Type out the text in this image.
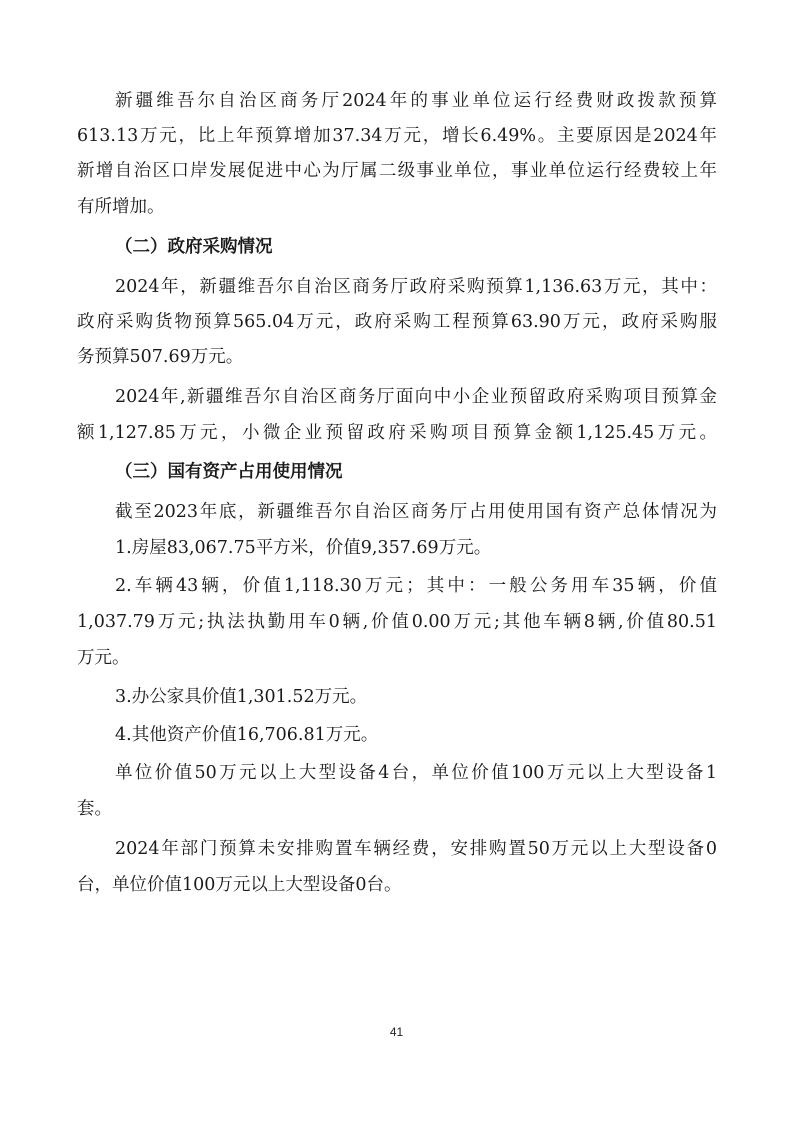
新疆维吾尔自治区商务厅2024年的事业单位运行经费财政拨款预算
613.13万元，比上年预算增加37.34万元，增长6.49%。主要原因是2024年
新增自治区口岸发展促进中心为厅属二级事业单位，事业单位运行经费较上年
有所增加。
（二）政府采购情况
2024年，新疆维吾尔自治区商务厅政府采购预算1,136.63万元，其中：
政府采购货物预算565.04万元，政府采购工程预算63.90万元，政府采购服
务预算507.69万元。
2024年,新疆维吾尔自治区商务厅面向中小企业预留政府采购项目预算金
额1,127.85万元，小微企业预留政府采购项目预算金额1,125.45万元。
（三）国有资产占用使用情况
截至2023年底，新疆维吾尔自治区商务厅占用使用国有资产总体情况为
1.房屋83,067.75平方米，价值9,357.69万元。
2.车辆43辆，价值1,118.30万元；其中：一般公务用车35辆，价值
1,037.79万元;执法执勤用车0辆,价值0.00万元;其他车辆8辆,价值80.51
万元。
3.办公家具价值1,301.52万元。
4.其他资产价值16,706.81万元。
单位价值50万元以上大型设备4台，单位价值100万元以上大型设备1
套。
2024年部门预算未安排购置车辆经费，安排购置50万元以上大型设备0
台，单位价值100万元以上大型设备0台。
41
